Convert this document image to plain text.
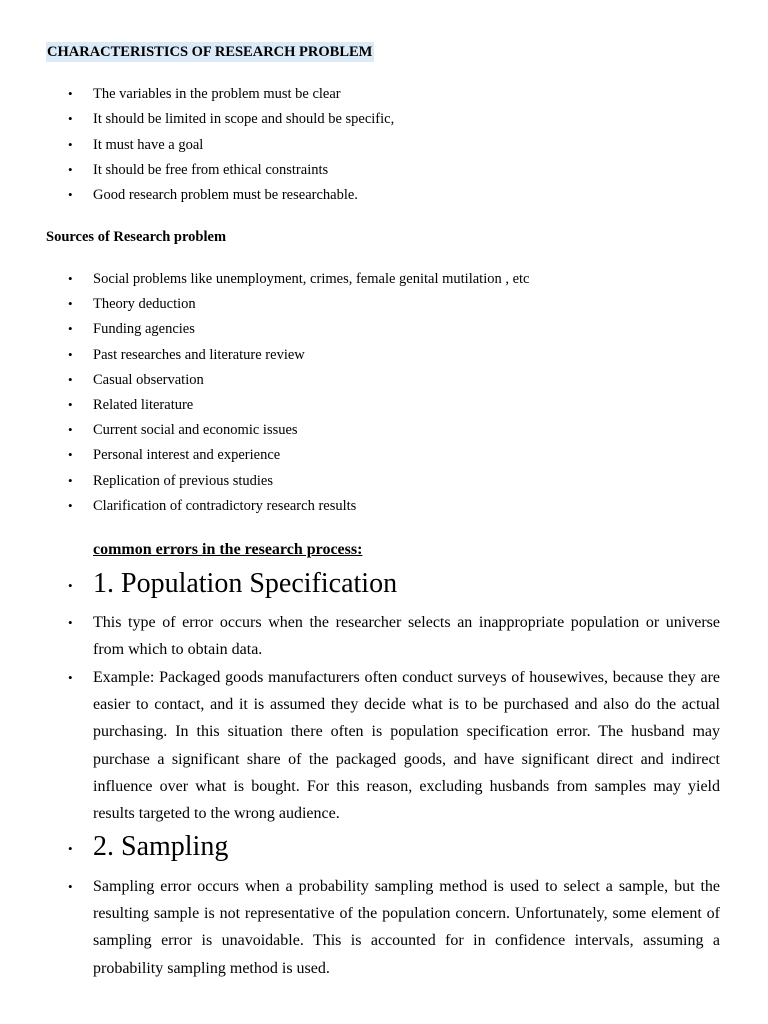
CHARACTERISTICS OF RESEARCH PROBLEM
• The variables in the problem must be clear
• It should be limited in scope and should be specific,
• It must have a goal
• It should be free from ethical constraints
• Good research problem must be researchable.
Sources of Research problem
• Social problems like unemployment, crimes, female genital mutilation , etc
• Theory deduction
• Funding agencies
• Past researches and literature review
• Casual observation
• Related literature
• Current social and economic issues
• Personal interest and experience
• Replication of previous studies
• Clarification of contradictory research results
common errors in the research process:
• 1. Population Specification
• This type of error occurs when the researcher selects an inappropriate population or universe from which to obtain data.
• Example: Packaged goods manufacturers often conduct surveys of housewives, because they are easier to contact, and it is assumed they decide what is to be purchased and also do the actual purchasing. In this situation there often is population specification error. The husband may purchase a significant share of the packaged goods, and have significant direct and indirect influence over what is bought. For this reason, excluding husbands from samples may yield results targeted to the wrong audience.
• 2. Sampling
• Sampling error occurs when a probability sampling method is used to select a sample, but the resulting sample is not representative of the population concern. Unfortunately, some element of sampling error is unavoidable. This is accounted for in confidence intervals, assuming a probability sampling method is used.
